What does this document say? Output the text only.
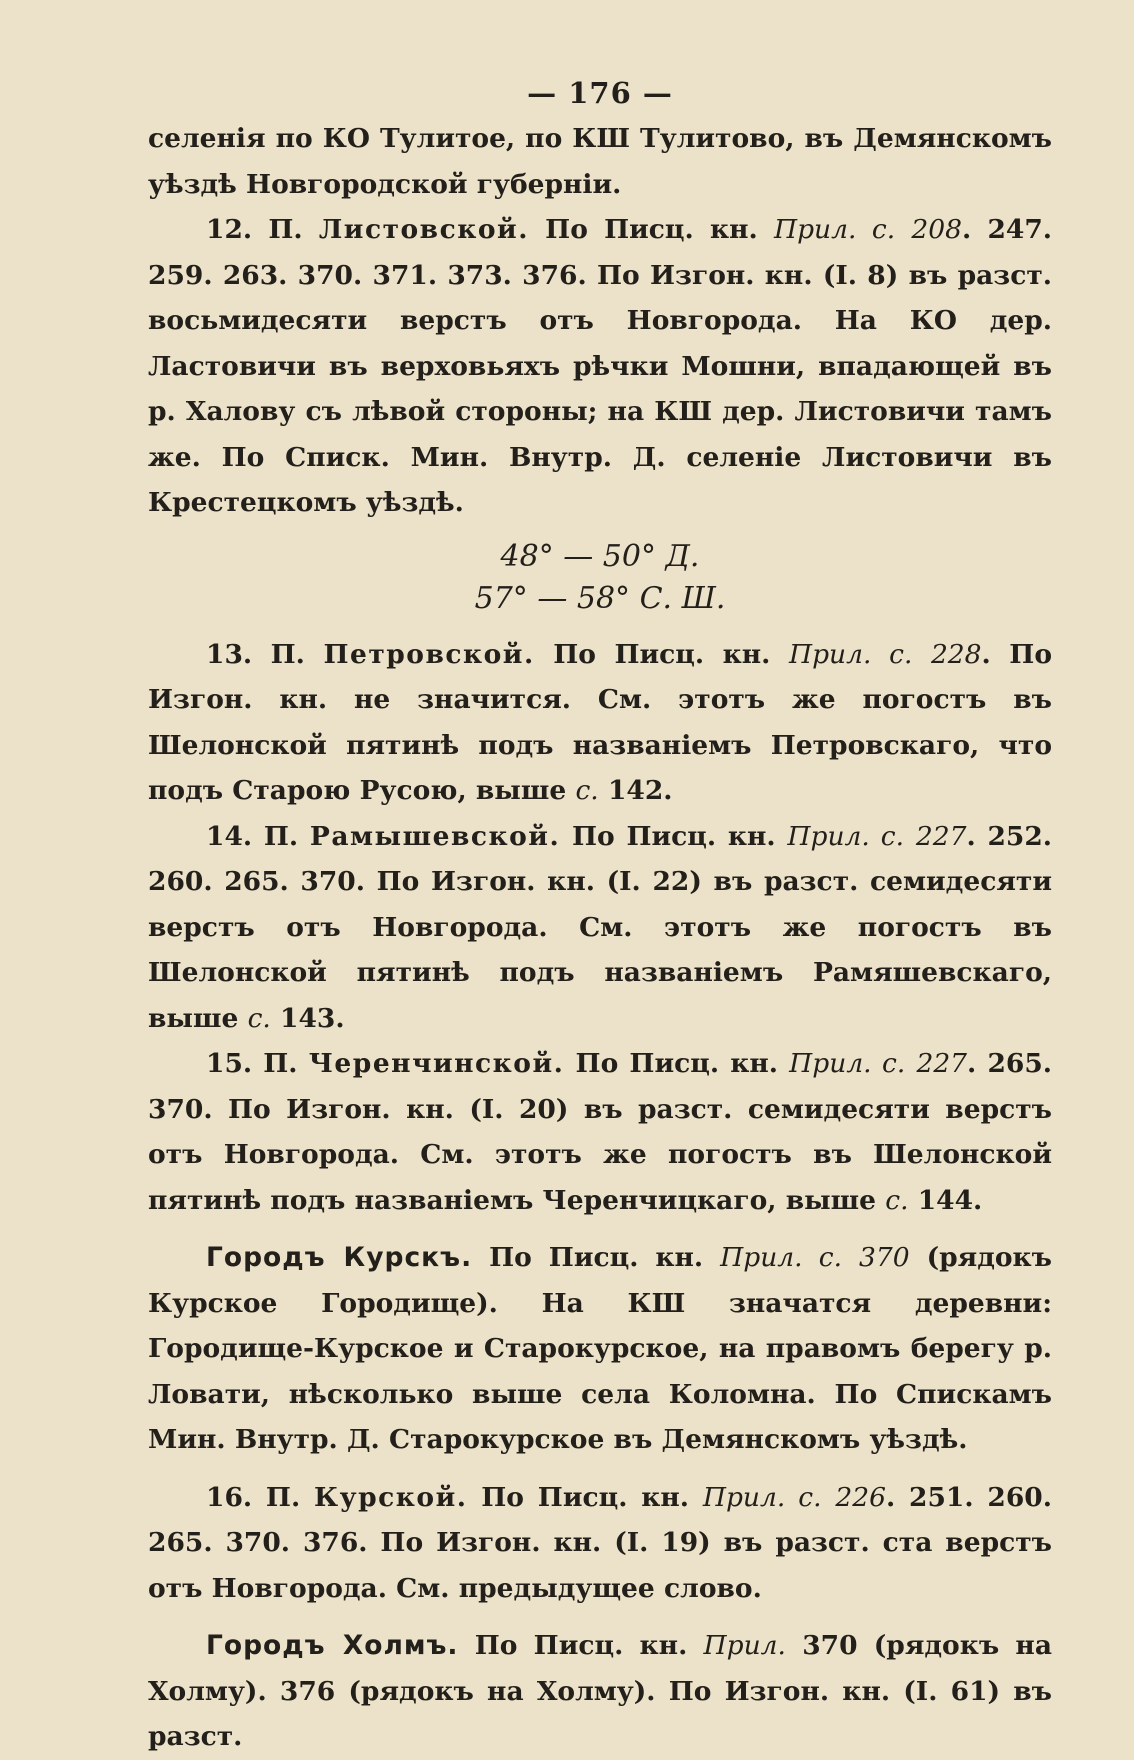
— 176 —

селенія по КО Тулитое, по КШ Тулитово, въ Демянскомъ уѣздѣ Новгородской губерніи.

12. П. Листовской. По Писц. кн. Прил. с. 208. 247. 259. 263. 370. 371. 373. 376. По Изгон. кн. (I. 8) въ разст. восьмидесяти верстъ отъ Новгорода. На КО дер. Ластовичи въ верховьяхъ рѣчки Мошни, впадающей въ р. Халову съ лѣвой стороны; на КШ дер. Листовичи тамъ же. По Списк. Мин. Внутр. Д. селеніе Листовичи въ Крестецкомъ уѣздѣ.

48° — 50° Д.
57° — 58° С. Ш.

13. П. Петровской. По Писц. кн. Прил. с. 228. По Изгон. кн. не значится. См. этотъ же погостъ въ Шелонской пятинѣ подъ названіемъ Петровскаго, что подъ Старою Русою, выше с. 142.

14. П. Рамышевской. По Писц. кн. Прил. с. 227. 252. 260. 265. 370. По Изгон. кн. (I. 22) въ разст. семидесяти верстъ отъ Новгорода. См. этотъ же погостъ въ Шелонской пятинѣ подъ названіемъ Рамяшевскаго, выше с. 143.

15. П. Черенчинской. По Писц. кн. Прил. с. 227. 265. 370. По Изгон. кн. (I. 20) въ разст. семидесяти верстъ отъ Новгорода. См. этотъ же погостъ въ Шелонской пятинѣ подъ названіемъ Черенчицкаго, выше с. 144.

Городъ Курскъ. По Писц. кн. Прил. с. 370 (рядокъ Курское Городище). На КШ значатся деревни: Городище-Курское и Старокурское, на правомъ берегу р. Ловати, нѣсколько выше села Коломна. По Спискамъ Мин. Внутр. Д. Старокурское въ Демянскомъ уѣздѣ.

16. П. Курской. По Писц. кн. Прил. с. 226. 251. 260. 265. 370. 376. По Изгон. кн. (I. 19) въ разст. ста верстъ отъ Новгорода. См. предыдущее слово.

Городъ Холмъ. По Писц. кн. Прил. 370 (рядокъ на Холму). 376 (рядокъ на Холму). По Изгон. кн. (I. 61) въ разст.
